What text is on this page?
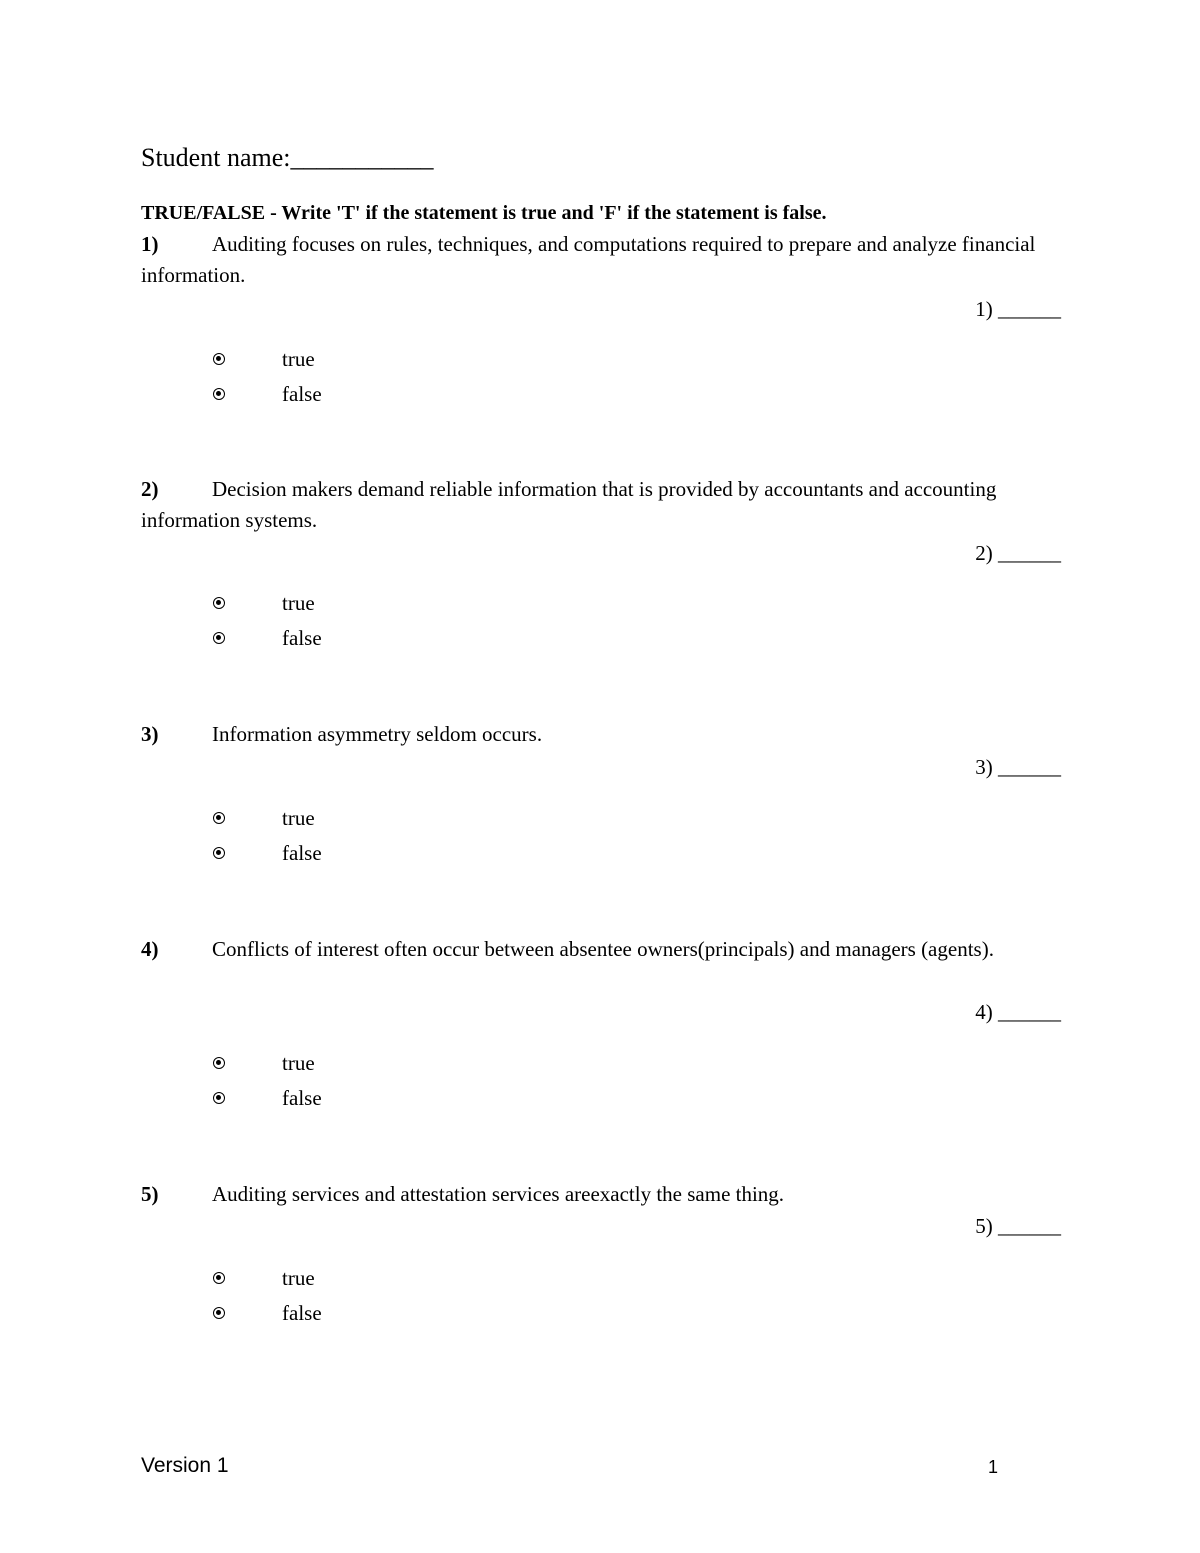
Student name:___________
TRUE/FALSE - Write 'T' if the statement is true and 'F' if the statement is false.

1)	Auditing focuses on rules, techniques, and computations required to prepare and analyze financial information.

1) ______
true
false

2)	Decision makers demand reliable information that is provided by accountants and accounting information systems.

2) ______
true
false

3)	Information asymmetry seldom occurs.

3) ______
true
false

4)	Conflicts of interest often occur between absentee owners(principals) and managers (agents).

4) ______
true
false

5)	Auditing services and attestation services areexactly the same thing.

5) ______
true
false
Version 1	1
